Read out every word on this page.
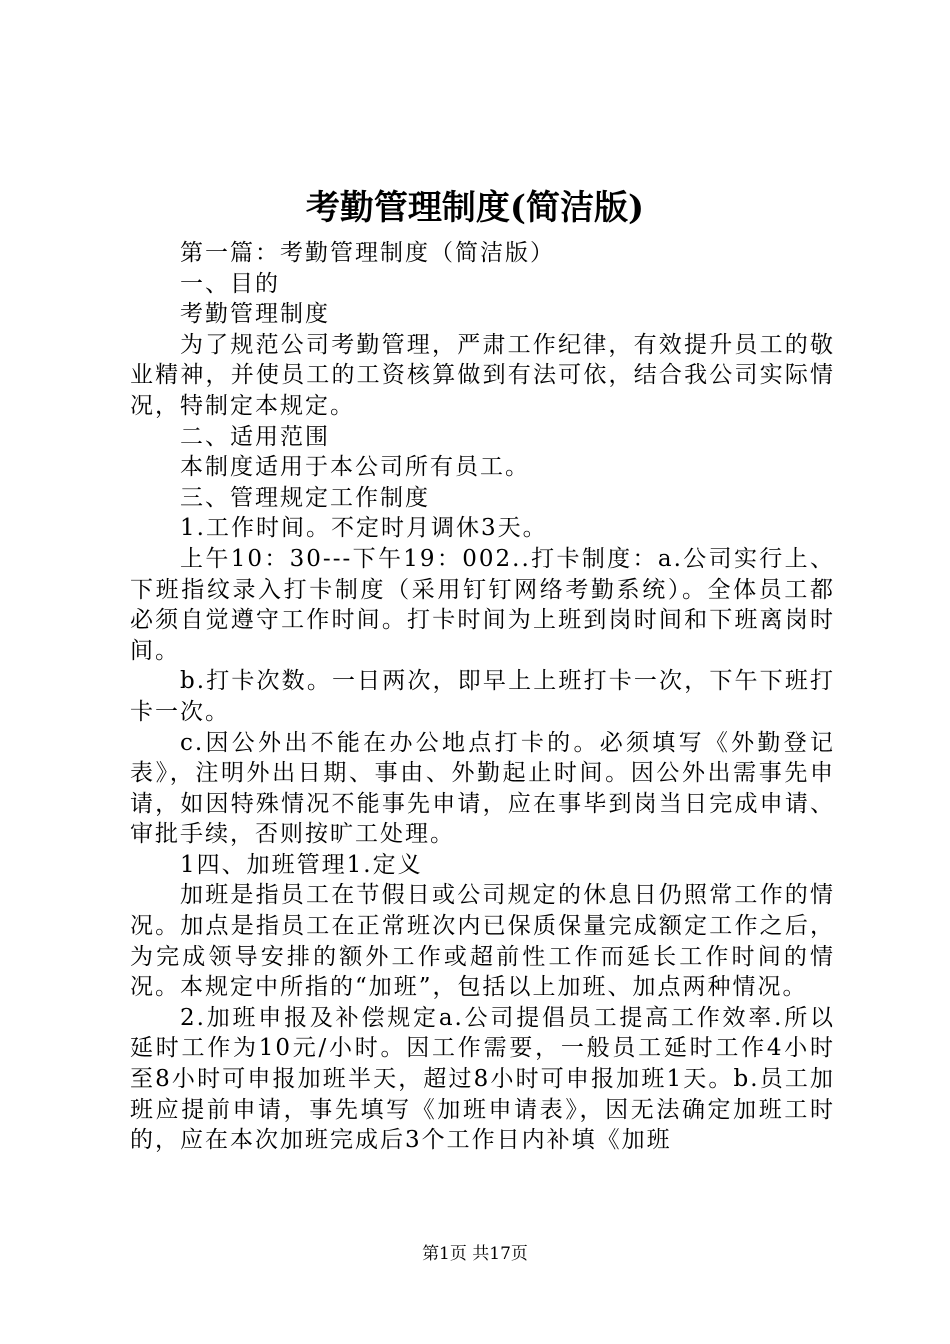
考勤管理制度(简洁版)

第一篇：考勤管理制度（简洁版）

一、目的

考勤管理制度

为了规范公司考勤管理，严肃工作纪律，有效提升员工的敬业精神，并使员工的工资核算做到有法可依，结合我公司实际情况，特制定本规定。

二、适用范围

本制度适用于本公司所有员工。

三、管理规定工作制度

1.工作时间。不定时月调休3天。

上午10：30---下午19：002..打卡制度：a.公司实行上、下班指纹录入打卡制度（采用钉钉网络考勤系统）。全体员工都必须自觉遵守工作时间。打卡时间为上班到岗时间和下班离岗时间。

b.打卡次数。一日两次，即早上上班打卡一次，下午下班打卡一次。

c.因公外出不能在办公地点打卡的。必须填写《外勤登记表》，注明外出日期、事由、外勤起止时间。因公外出需事先申请，如因特殊情况不能事先申请，应在事毕到岗当日完成申请、审批手续，否则按旷工处理。

1四、加班管理1.定义

加班是指员工在节假日或公司规定的休息日仍照常工作的情况。加点是指员工在正常班次内已保质保量完成额定工作之后，为完成领导安排的额外工作或超前性工作而延长工作时间的情况。本规定中所指的“加班”，包括以上加班、加点两种情况。

2.加班申报及补偿规定a.公司提倡员工提高工作效率.所以延时工作为10元/小时。因工作需要，一般员工延时工作4小时至8小时可申报加班半天，超过8小时可申报加班1天。b.员工加班应提前申请，事先填写《加班申请表》，因无法确定加班工时的，应在本次加班完成后3个工作日内补填《加班

第1页 共17页
